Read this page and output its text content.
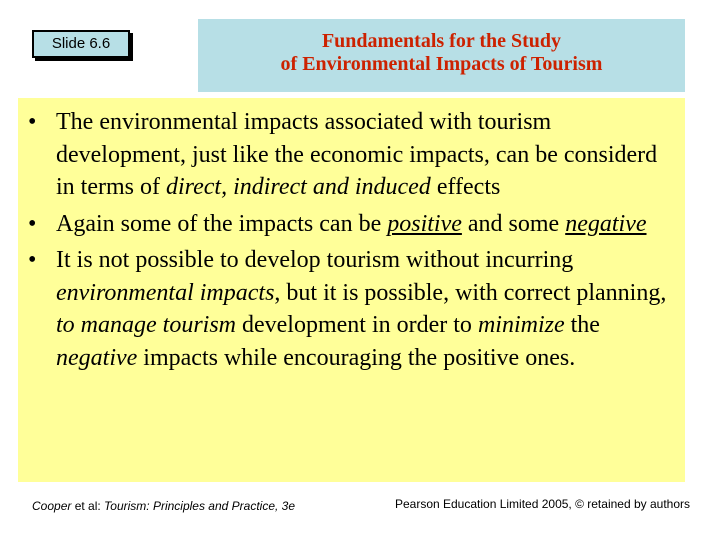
Slide 6.6	Fundamentals for the Study
of Environmental Impacts of Tourism
• The environmental impacts associated with tourism development, just like the economic impacts, can be considerd in terms of direct, indirect and induced effects
• Again some of the impacts can be positive and some negative
• It is not possible to develop tourism without incurring environmental impacts, but it is possible, with correct planning, to manage tourism development in order to minimize the negative impacts while encouraging the positive ones.
Cooper et al: Tourism: Principles and Practice, 3e	Pearson Education Limited 2005, © retained by authors
